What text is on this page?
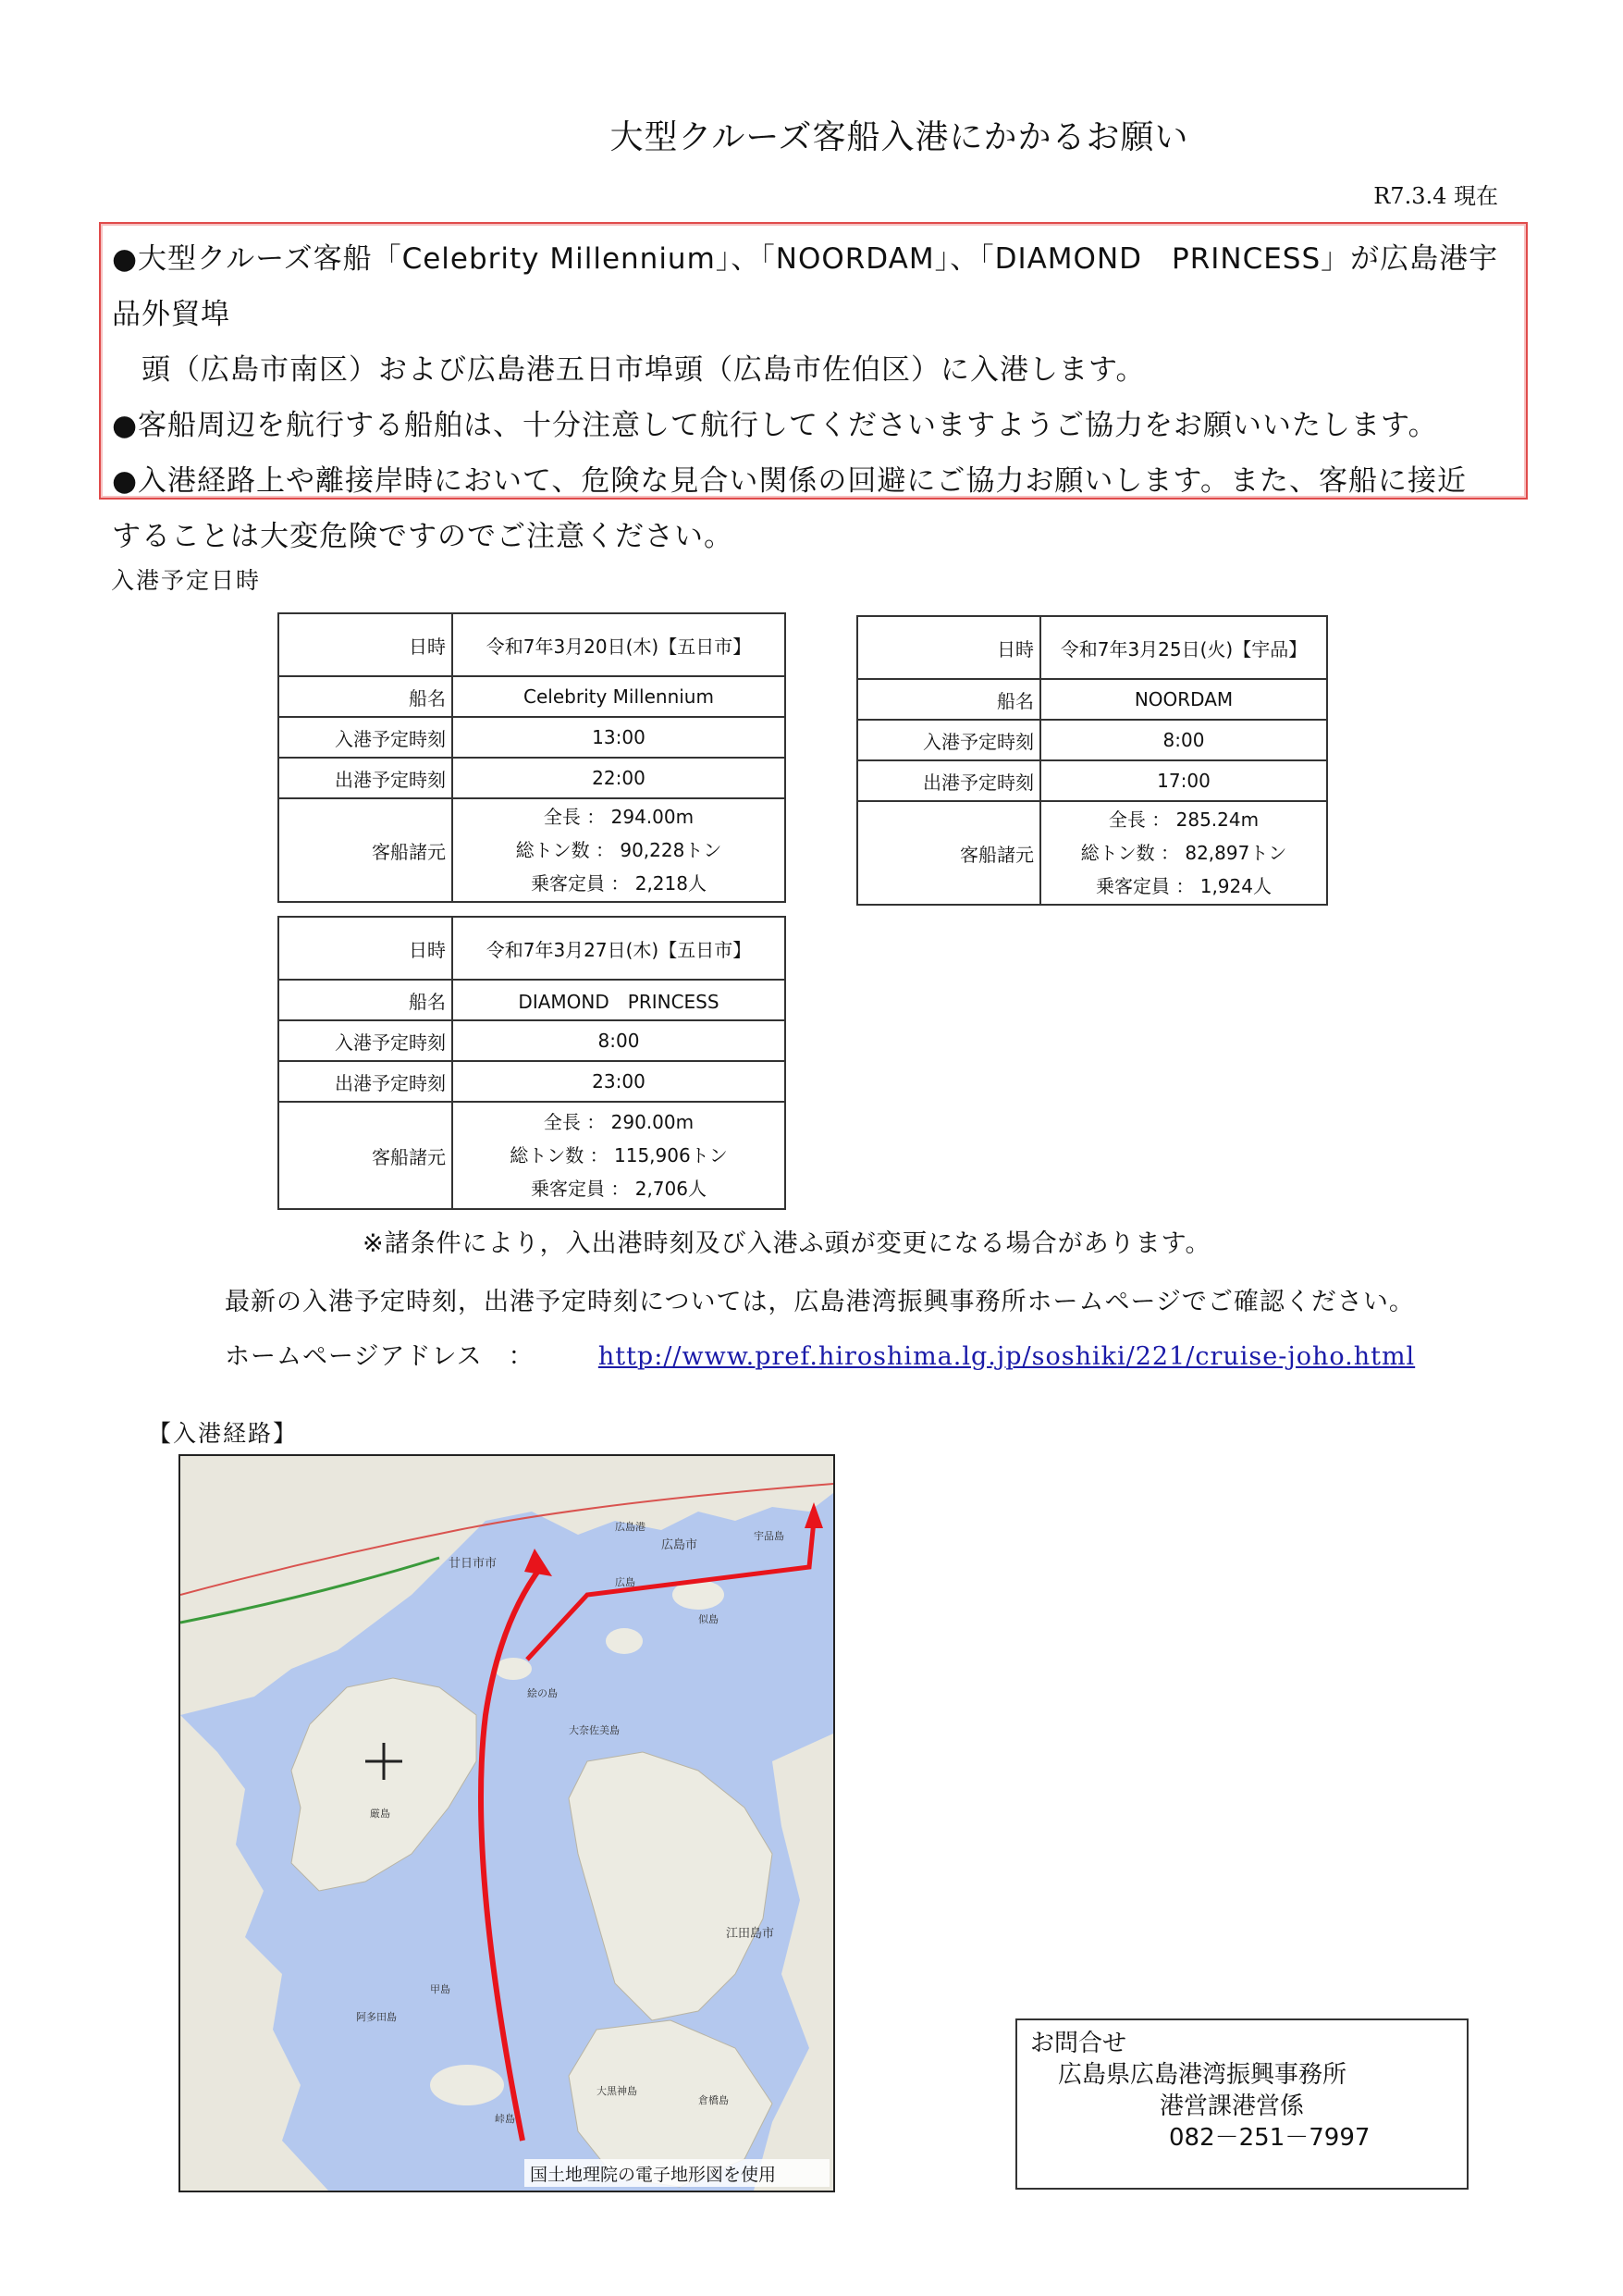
大型クルーズ客船入港にかかるお願い
R7.3.4 現在

●大型クルーズ客船「Celebrity Millennium」、「NOORDAM」、「DIAMOND　PRINCESS」が広島港宇品外貿埠

頭（広島市南区）および広島港五日市埠頭（広島市佐伯区）に入港します。

●客船周辺を航行する船舶は、十分注意して航行してくださいますようご協力をお願いいたします。

●入港経路上や離接岸時において、危険な見合い関係の回避にご協力お願いします。また、客船に接近

することは大変危険ですのでご注意ください。

入港予定日時
日時	令和7年3月20日(木)【五日市】
船名	Celebrity Millennium
入港予定時刻	13:00
出港予定時刻	22:00
客船諸元	全長 ： 294.00m
総トン数 ： 90,228トン
乗客定員 ： 2,218人
日時	令和7年3月25日(火)【宇品】
船名	NOORDAM
入港予定時刻	8:00
出港予定時刻	17:00
客船諸元	全長 ： 285.24m
総トン数 ： 82,897トン
乗客定員 ： 1,924人
日時	令和7年3月27日(木)【五日市】
船名	DIAMOND　PRINCESS
入港予定時刻	8:00
出港予定時刻	23:00
客船諸元	全長 ： 290.00m
総トン数 ： 115,906トン
乗客定員 ： 2,706人
※諸条件により，入出港時刻及び入港ふ頭が変更になる場合があります。
最新の入港予定時刻，出港予定時刻については，広島港湾振興事務所ホームページでご確認ください。
ホームページアドレス　：	http://www.pref.hiroshima.lg.jp/soshiki/221/cruise-joho.html
【入港経路】
廿日市市
広島市
広島港
宇品島
似島
江田島市
絵の島
阿多田島
甲島
大黒神島
峠島
広島
厳島
大奈佐美島
倉橋島
国土地理院の電子地形図を使用
お問合せ
広島県広島港湾振興事務所
港営課港営係
082－251－7997
